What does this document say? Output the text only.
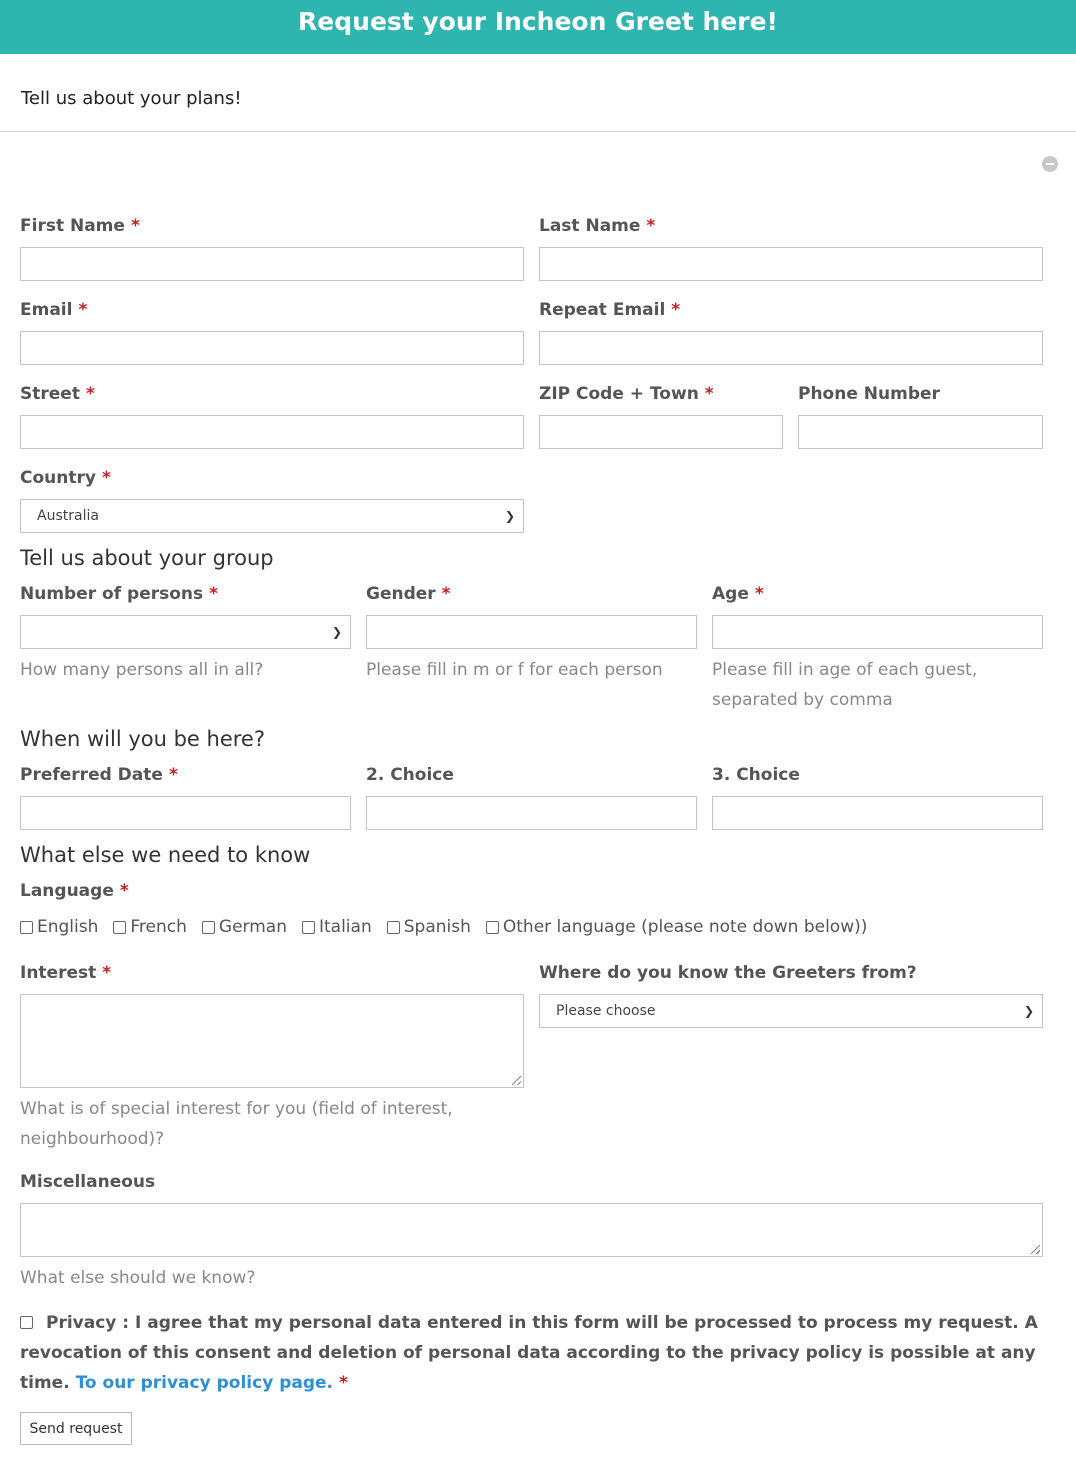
Request your Incheon Greet here!
Tell us about your plans!
First Name *	Last Name *
Email *	Repeat Email *
Street *	ZIP Code + Town *	Phone Number
Country *
Australia	❯
Tell us about your group
Number of persons *	Gender *	Age *
❯
How many persons all in all?	Please fill in m or f for each person	Please fill in age of each guest, separated by comma
When will you be here?
Preferred Date *	2. Choice	3. Choice
What else we need to know
Language *
English French German Italian Spanish Other language (please note down below))
Interest *	Where do you know the Greeters from?
Please choose	❯
What is of special interest for you (field of interest, neighbourhood)?
Miscellaneous
What else should we know?
Privacy : I agree that my personal data entered in this form will be processed to process my request. A revocation of this consent and deletion of personal data according to the privacy policy is possible at any time. To our privacy policy page. *
Send request
